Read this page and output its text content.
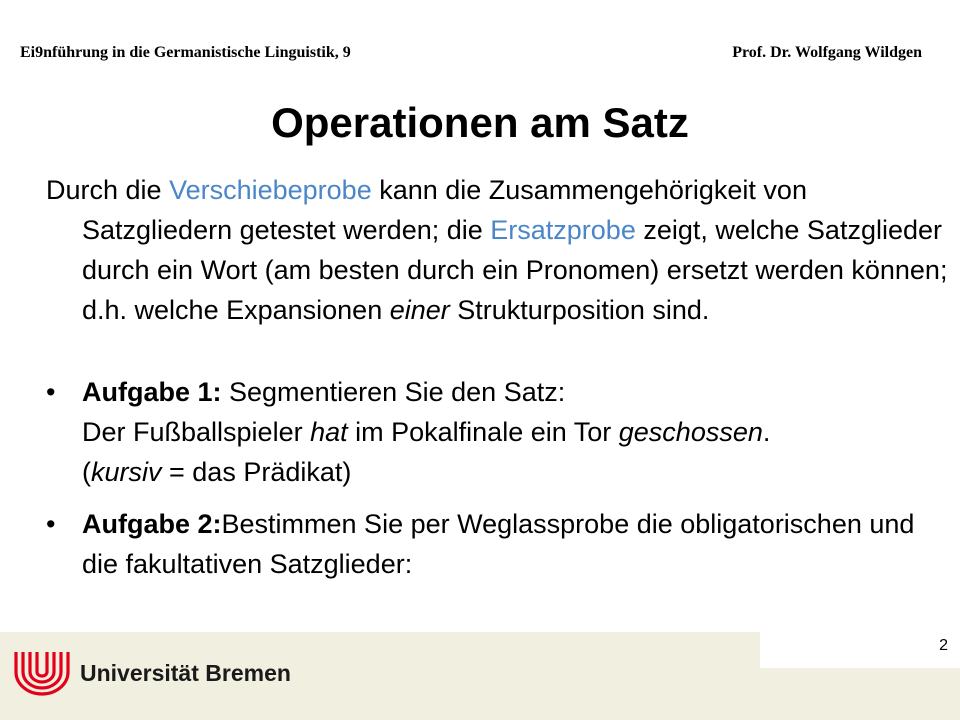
Ei9nführung in die Germanistische Linguistik, 9	Prof. Dr. Wolfgang Wildgen
Operationen am Satz

Durch die Verschiebeprobe kann die Zusammengehörigkeit von Satzgliedern getestet werden; die Ersatzprobe zeigt, welche Satzglieder durch ein Wort (am besten durch ein Pronomen) ersetzt werden können; d.h. welche Expansionen einer Strukturposition sind.

• Aufgabe 1: Segmentieren Sie den Satz:
Der Fußballspieler hat im Pokalfinale ein Tor geschossen.
(kursiv = das Prädikat)
• Aufgabe 2:Bestimmen Sie per Weglassprobe die obligatorischen und die fakultativen Satzglieder:
2
Universität Bremen
